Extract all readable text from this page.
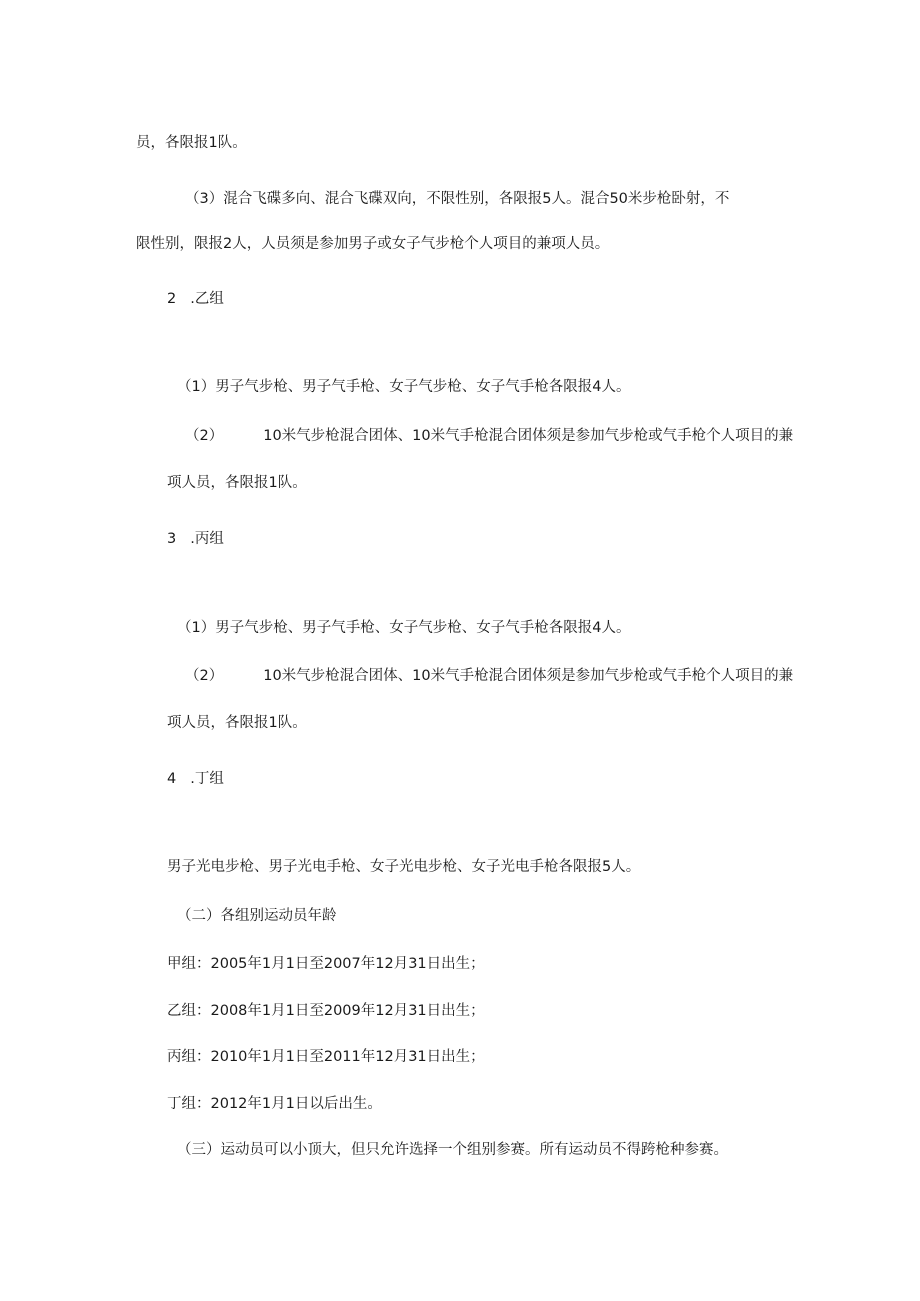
员，各限报1队。
（3）混合飞碟多向、混合飞碟双向，不限性别，各限报5人。混合50米步枪卧射，不
限性别，限报2人，人员须是参加男子或女子气步枪个人项目的兼项人员。
2 .乙组
（1）男子气步枪、男子气手枪、女子气步枪、女子气手枪各限报4人。
（2）	10米气步枪混合团体、10米气手枪混合团体须是参加气步枪或气手枪个人项目的兼
项人员，各限报1队。
3 .丙组
（1）男子气步枪、男子气手枪、女子气步枪、女子气手枪各限报4人。
（2）	10米气步枪混合团体、10米气手枪混合团体须是参加气步枪或气手枪个人项目的兼
项人员，各限报1队。
4 .丁组
男子光电步枪、男子光电手枪、女子光电步枪、女子光电手枪各限报5人。
（二）各组别运动员年龄
甲组：2005年1月1日至2007年12月31日出生；
乙组：2008年1月1日至2009年12月31日出生；
丙组：2010年1月1日至2011年12月31日出生；
丁组：2012年1月1日以后出生。
（三）运动员可以小顶大，但只允许选择一个组别参赛。所有运动员不得跨枪种参赛。
